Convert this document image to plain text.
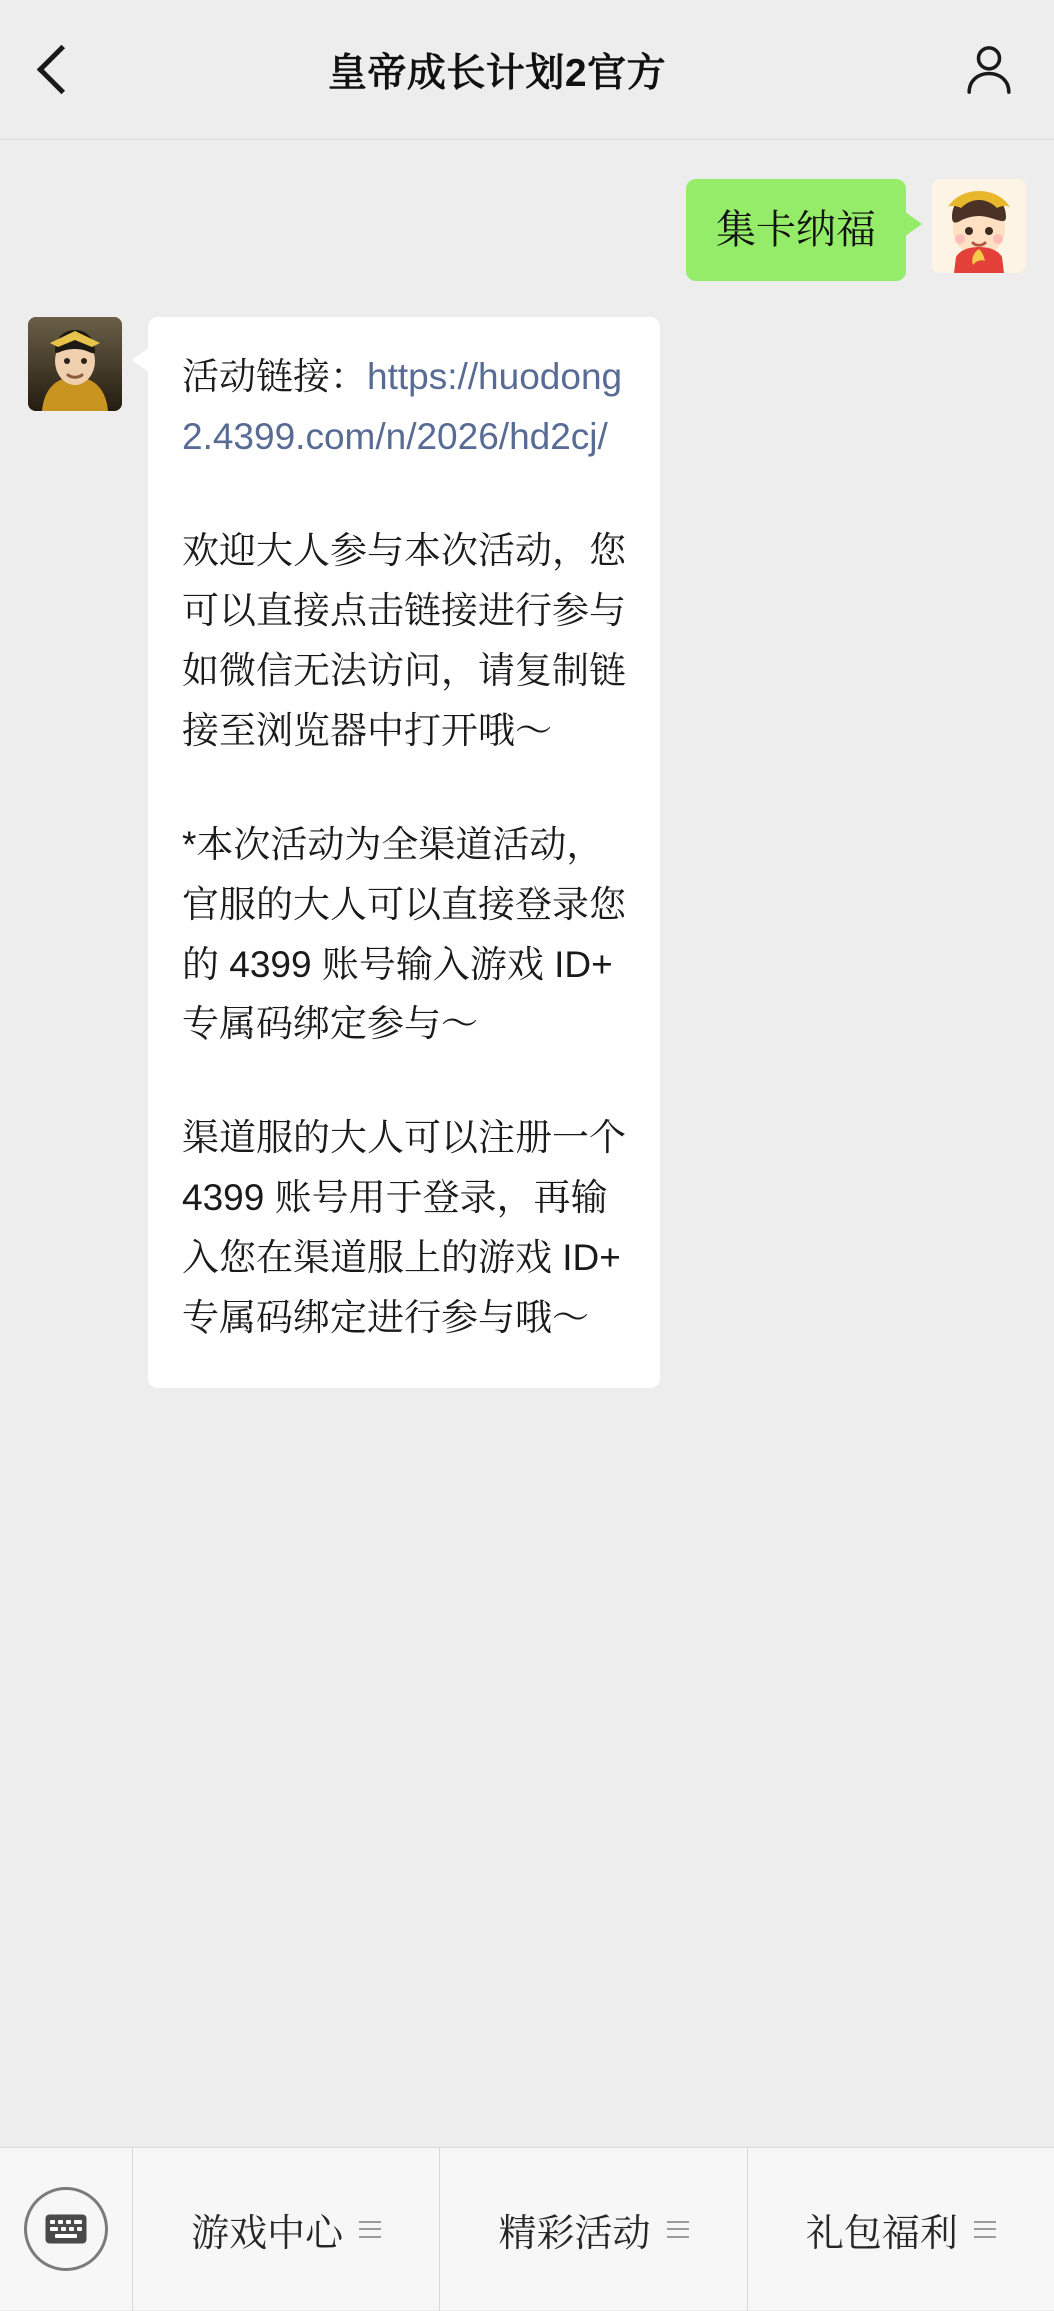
皇帝成长计划2官方
集卡纳福
活动链接：https://huodong2.4399.com/n/2026/hd2cj/
欢迎大人参与本次活动，您可以直接点击链接进行参与
如微信无法访问，请复制链接至浏览器中打开哦～
*本次活动为全渠道活动，官服的大人可以直接登录您的 4399 账号输入游戏 ID+ 专属码绑定参与～
渠道服的大人可以注册一个 4399 账号用于登录，再输入您在渠道服上的游戏 ID+ 专属码绑定进行参与哦～
游戏中心	精彩活动	礼包福利
